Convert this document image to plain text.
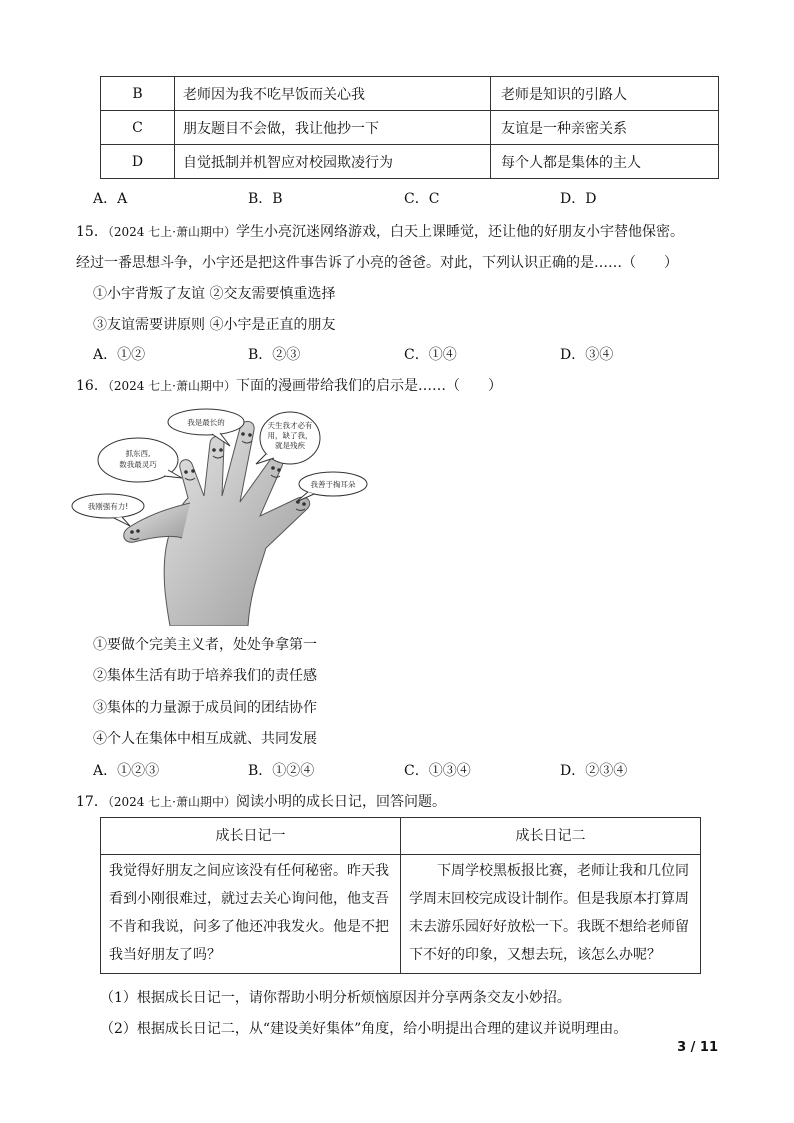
B	老师因为我不吃早饭而关心我	老师是知识的引路人
C	朋友题目不会做，我让他抄一下	友谊是一种亲密关系
D	自觉抵制并机智应对校园欺凌行为	每个人都是集体的主人
A．A	B．B	C．C	D．D
15．（2024 七上·萧山期中）学生小亮沉迷网络游戏，白天上课睡觉，还让他的好朋友小宇替他保密。
经过一番思想斗争，小宇还是把这件事告诉了小亮的爸爸。对此，下列认识正确的是……（　　）
①小宇背叛了友谊 ②交友需要慎重选择
③友谊需要讲原则 ④小宇是正直的朋友
A．①②	B．②③	C．①④	D．③④
16．（2024 七上·萧山期中）下面的漫画带给我们的启示是……（　　）
我是最长的
抓东西,
数我最灵巧
天生我才必有
用，缺了我，
就是残疾
我善于掏耳朵
我刚强有力!
①要做个完美主义者，处处争拿第一
②集体生活有助于培养我们的责任感
③集体的力量源于成员间的团结协作
④个人在集体中相互成就、共同发展
A．①②③	B．①②④	C．①③④	D．②③④
17．（2024 七上·萧山期中）阅读小明的成长日记，回答问题。
成长日记一	成长日记二
我觉得好朋友之间应该没有任何秘密。昨天我看到小刚很难过，就过去关心询问他，他支吾不肯和我说，问多了他还冲我发火。他是不把我当好朋友了吗？	下周学校黑板报比赛，老师让我和几位同学周末回校完成设计制作。但是我原本打算周末去游乐园好好放松一下。我既不想给老师留下不好的印象，又想去玩，该怎么办呢？
（1）根据成长日记一，请你帮助小明分析烦恼原因并分享两条交友小妙招。
（2）根据成长日记二，从“建设美好集体”角度，给小明提出合理的建议并说明理由。
3 / 11
